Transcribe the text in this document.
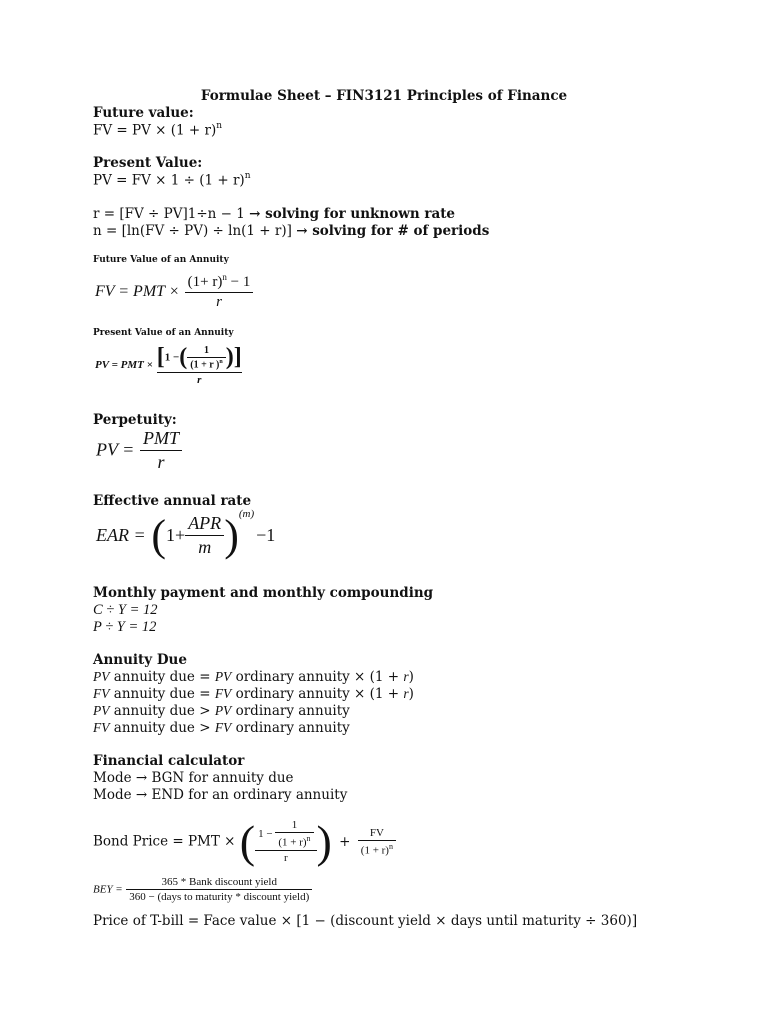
Formulae Sheet – FIN3121 Principles of Finance
Future value:
FV = PV × $(1 + r)^n$
Present Value:
PV = FV × $1 \div (1 + r)^n$
r = [FV ÷ PV]1÷n − 1 → solving for unknown rate
n = [ln(FV ÷ PV) ÷ ln(1 + r)] → solving for # of periods
Future Value of an Annuity
FV = PMT × $\frac{(1+ r)^n - 1}{r}$
Present Value of an Annuity
PV = PMT × $\frac{[1 -( \frac{1}{(1 + r )^n} )]}{r}$
Perpetuity:
PV = $\frac{\text{PMT}}{r}$
Effective annual rate
EAR = $(1+ \frac{\text{APR}}{m} )^{(m)}-1$
Monthly payment and monthly compounding
C ÷ Y = 12
P ÷ Y = 12
Annuity Due
PV annuity due = PV ordinary annuity × (1 + r)
FV annuity due = FV ordinary annuity × (1 + r)
PV annuity due > PV ordinary annuity
FV annuity due > FV ordinary annuity
Financial calculator
Mode → BGN for annuity due
Mode → END for an ordinary annuity
Bond Price = PMT × ( $\frac{1 - \frac{1}{(1 + r)^n}}{r}$ ) + $\frac{FV}{(1 + r)^n}$
BEY = $\frac{\text{365 * Bank discount yield}}{\text{360 − (days to maturity * discount yield)}}$
Price of T-bill = Face value × [1 − (discount yield × days until maturity ÷ 360)]
